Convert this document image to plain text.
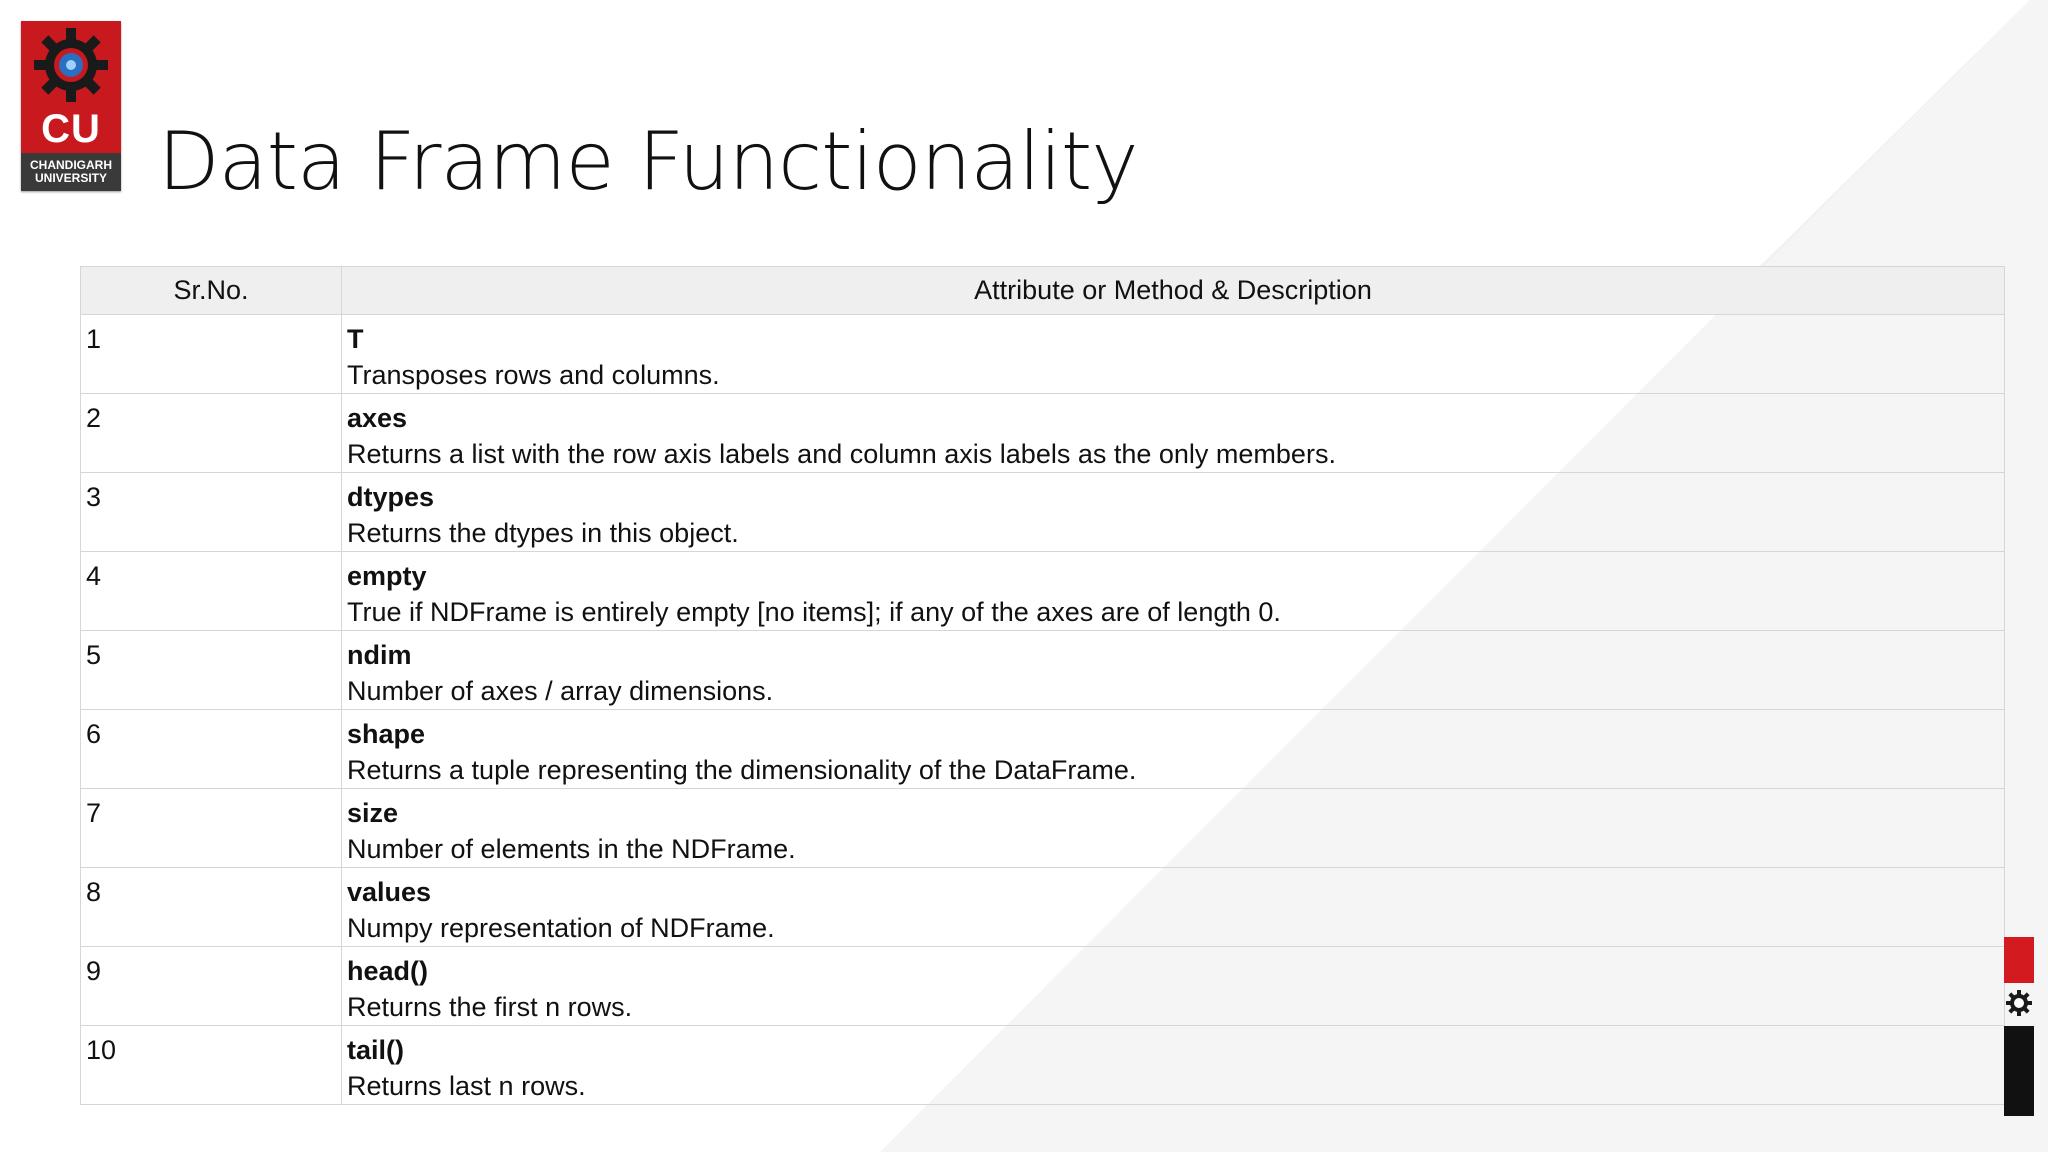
CU
CHANDIGARH
UNIVERSITY Data Frame Functionality
Sr.No.	Attribute or Method & Description
1	T
Transposes rows and columns.

2	axes
Returns a list with the row axis labels and column axis labels as the only members.

3	dtypes
Returns the dtypes in this object.

4	empty
True if NDFrame is entirely empty [no items]; if any of the axes are of length 0.

5	ndim
Number of axes / array dimensions.

6	shape
Returns a tuple representing the dimensionality of the DataFrame.

7	size
Number of elements in the NDFrame.

8	values
Numpy representation of NDFrame.

9	head()
Returns the first n rows.

10	tail()
Returns last n rows.
